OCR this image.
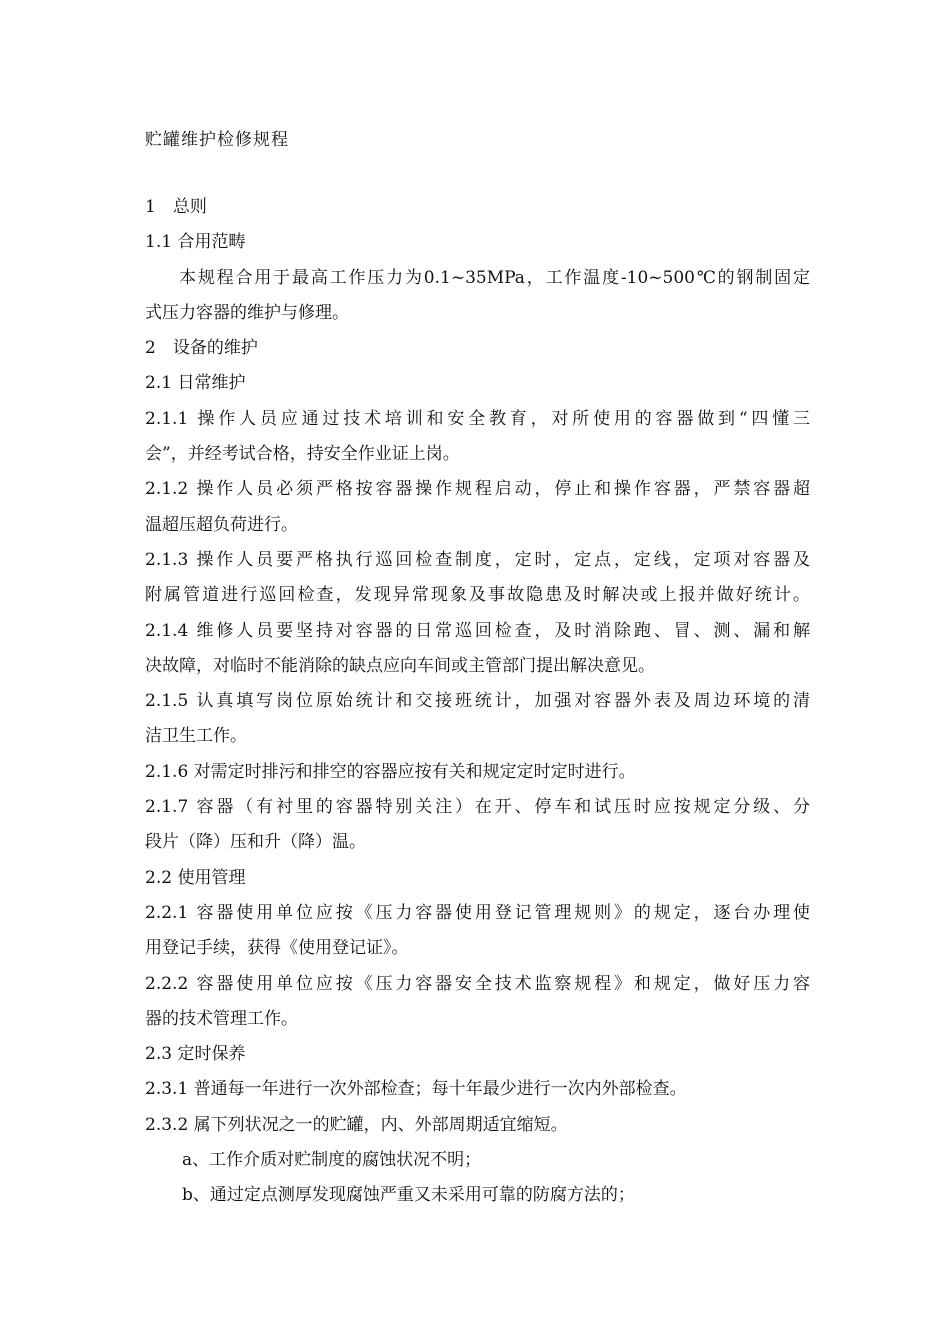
贮罐维护检修规程
1　总则
1.1 合用范畴
本规程合用于最高工作压力为0.1~35MPa，工作温度-10~500℃的钢制固定
式压力容器的维护与修理。
2　设备的维护
2.1 日常维护
2.1.1 操作人员应通过技术培训和安全教育，对所使用的容器做到“四懂三
会”，并经考试合格，持安全作业证上岗。
2.1.2 操作人员必须严格按容器操作规程启动，停止和操作容器，严禁容器超
温超压超负荷进行。
2.1.3 操作人员要严格执行巡回检查制度，定时，定点，定线，定项对容器及
附属管道进行巡回检查，发现异常现象及事故隐患及时解决或上报并做好统计。
2.1.4 维修人员要坚持对容器的日常巡回检查，及时消除跑、冒、测、漏和解
决故障，对临时不能消除的缺点应向车间或主管部门提出解决意见。
2.1.5 认真填写岗位原始统计和交接班统计，加强对容器外表及周边环境的清
洁卫生工作。
2.1.6 对需定时排污和排空的容器应按有关和规定定时定时进行。
2.1.7 容器（有衬里的容器特别关注）在开、停车和试压时应按规定分级、分
段片（降）压和升（降）温。
2.2 使用管理
2.2.1 容器使用单位应按《压力容器使用登记管理规则》的规定，逐台办理使
用登记手续，获得《使用登记证》。
2.2.2 容器使用单位应按《压力容器安全技术监察规程》和规定，做好压力容
器的技术管理工作。
2.3 定时保养
2.3.1 普通每一年进行一次外部检查；每十年最少进行一次内外部检查。
2.3.2 属下列状况之一的贮罐，内、外部周期适宜缩短。
a、工作介质对贮制度的腐蚀状况不明；
b、通过定点测厚发现腐蚀严重又未采用可靠的防腐方法的；
